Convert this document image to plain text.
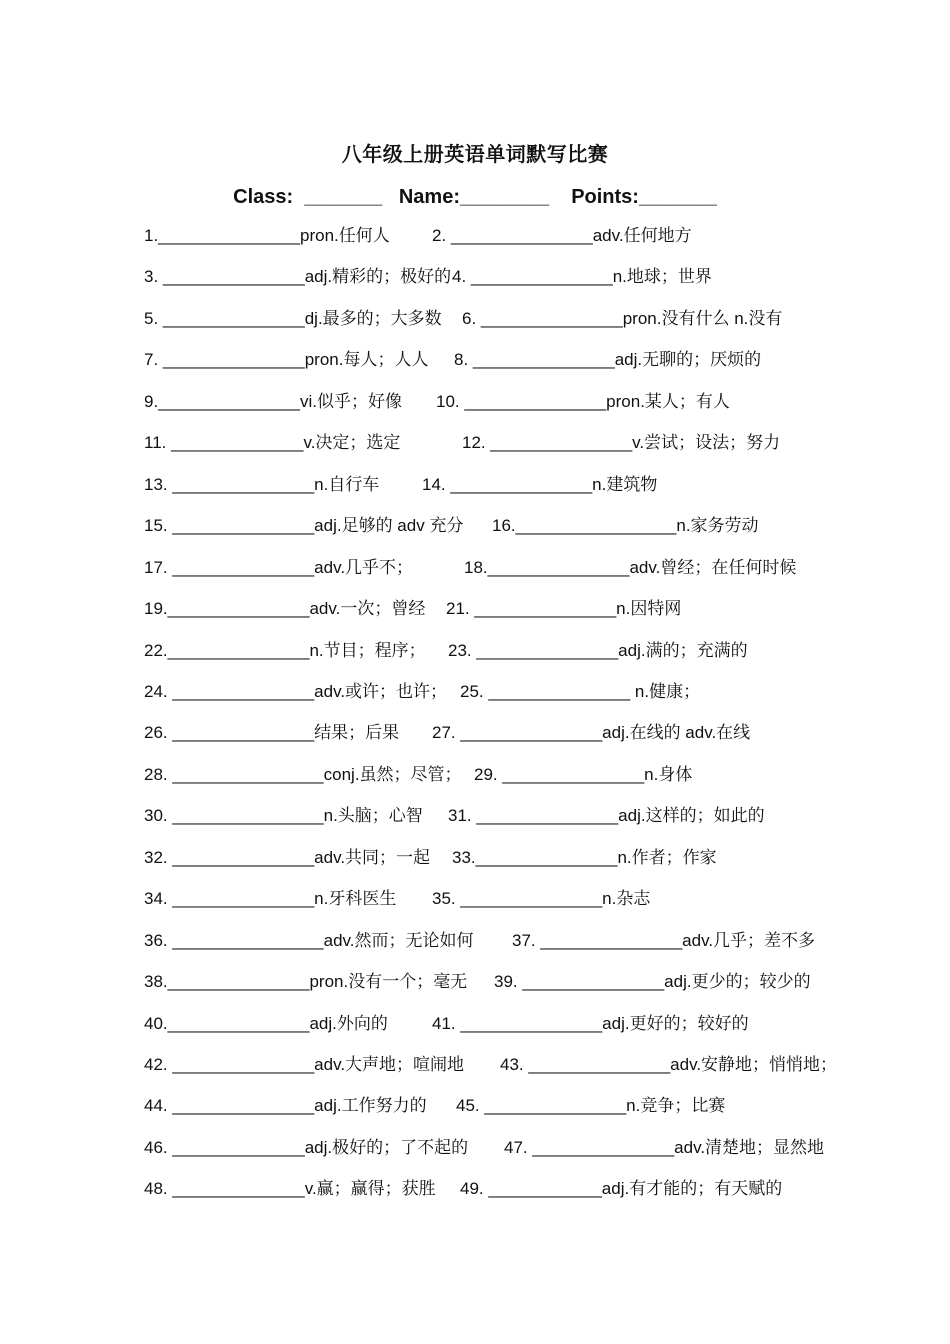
八年级上册英语单词默写比赛
Class:  _______   Name:________    Points:_______
1._______________pron.任何人 2. _______________adv.任何地方
3. _______________adj.精彩的；极好的 4. _______________n.地球；世界
5. _______________dj.最多的；大多数 6. _______________pron.没有什么 n.没有
7. _______________pron.每人；人人 8. _______________adj.无聊的；厌烦的
9._______________vi.似乎；好像 10. _______________pron.某人；有人
11. ______________v.决定；选定	12. _______________v.尝试；设法；努力
13. _______________n.自行车	14. _______________n.建筑物
15. _______________adj.足够的 adv 充分 16._________________n.家务劳动
17. _______________adv.几乎不；	18._______________adv.曾经；在任何时候
19._______________adv.一次；曾经 21. _______________n.因特网
22._______________n.节目；程序； 23. _______________adj.满的；充满的
24. _______________adv.或许；也许； 25. _______________ n.健康；
26. _______________结果；后果 27. _______________adj.在线的 adv.在线
28. ________________conj.虽然；尽管； 29. _______________n.身体
30. ________________n.头脑；心智 31. _______________adj.这样的；如此的
32. _______________adv.共同；一起 33._______________n.作者；作家
34. _______________n.牙科医生 35. _______________n.杂志
36. ________________adv.然而；无论如何 37. _______________adv.几乎；差不多
38._______________pron.没有一个；毫无 39. _______________adj.更少的；较少的
40._______________adj.外向的	41. _______________adj.更好的；较好的
42. _______________adv.大声地；喧闹地 43. _______________adv.安静地；悄悄地；
44. _______________adj.工作努力的 45. _______________n.竞争；比赛
46. ______________adj.极好的；了不起的 47. _______________adv.清楚地；显然地
48. ______________v.赢；赢得；获胜 49. ____________adj.有才能的；有天赋的
